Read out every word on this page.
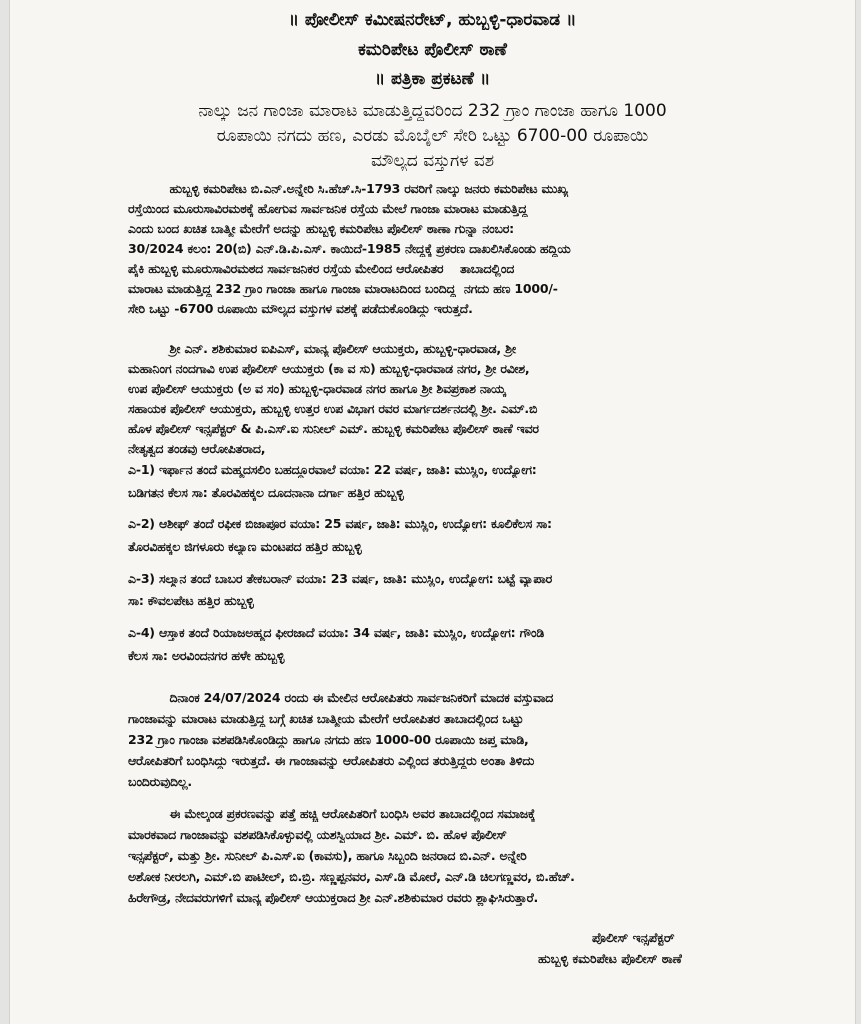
॥ ಪೋಲೀಸ್ ಕಮೀಷನರೇಟ್, ಹುಬ್ಬಳ್ಳಿ-ಧಾರವಾಡ ॥
ಕಮರಿಪೇಟ ಪೊಲೀಸ್ ಠಾಣೆ
॥ ಪತ್ರಿಕಾ ಪ್ರಕಟಣೆ ॥
ನಾಲ್ಕು ಜನ ಗಾಂಜಾ ಮಾರಾಟ ಮಾಡುತ್ತಿದ್ದವರಿಂದ 232 ಗ್ರಾಂ ಗಾಂಜಾ ಹಾಗೂ 1000
ರೂಪಾಯಿ ನಗದು ಹಣ, ಎರಡು ಮೊಬೈಲ್ ಸೇರಿ ಒಟ್ಟು 6700-00 ರೂಪಾಯಿ
ಮೌಲ್ಯದ ವಸ್ತುಗಳ ವಶ
ಹುಬ್ಬಳ್ಳಿ ಕಮರಿಪೇಟ ಬಿ.ಎನ್.ಅನ್ನೇರಿ ಸಿ.ಹೆಚ್.ಸಿ-1793 ರವರಿಗೆ ನಾಲ್ಕು ಜನರು ಕಮರಿಪೇಟ ಮುಖ್ಯ
ರಸ್ತೆಯಿಂದ ಮೂರುಸಾವಿರಮಠಕ್ಕೆ ಹೋಗುವ ಸಾರ್ವಜನಿಕ ರಸ್ತೆಯ ಮೇಲೆ ಗಾಂಜಾ ಮಾರಾಟ ಮಾಡುತ್ತಿದ್ದ
ಎಂದು ಬಂದ ಖಚಿತ ಬಾತ್ಮೀ ಮೇರೆಗೆ ಅದನ್ನು ಹುಬ್ಬಳ್ಳಿ ಕಮರಿಪೇಟ ಪೊಲೀಸ್ ಠಾಣಾ ಗುನ್ನಾ ನಂಬರ:
30/2024 ಕಲಂ: 20(ಬಿ) ಎನ್.ಡಿ.ಪಿ.ಎಸ್. ಕಾಯಿದೆ-1985 ನೇದ್ದಕ್ಕೆ ಪ್ರಕರಣ ದಾಖಲಿಸಿಕೊಂಡು ಹದ್ದಿಯ
ಪೈಕಿ ಹುಬ್ಬಳ್ಳಿ ಮೂರುಸಾವಿರಮಠದ ಸಾರ್ವಜನಿಕರ ರಸ್ತೆಯ ಮೇಲಿಂದ ಆರೋಪಿತರ    ತಾಬಾದಲ್ಲಿಂದ
ಮಾರಾಟ ಮಾಡುತ್ತಿದ್ದ 232 ಗ್ರಾಂ ಗಾಂಜಾ ಹಾಗೂ ಗಾಂಜಾ ಮಾರಾಟದಿಂದ ಬಂದಿದ್ದ  ನಗದು ಹಣ 1000/-
ಸೇರಿ ಒಟ್ಟು -6700 ರೂಪಾಯಿ ಮೌಲ್ಯದ ವಸ್ತುಗಳ ವಶಕ್ಕೆ ಪಡೆದುಕೊಂಡಿದ್ದು ಇರುತ್ತದೆ.
ಶ್ರೀ ಎನ್. ಶಶಿಕುಮಾರ ಐಪಿಎಸ್, ಮಾನ್ಯ ಪೊಲೀಸ್ ಆಯುಕ್ತರು, ಹುಬ್ಬಳ್ಳಿ-ಧಾರವಾಡ, ಶ್ರೀ
ಮಹಾನಿಂಗ ನಂದಗಾವಿ ಉಪ ಪೊಲೀಸ್ ಆಯುಕ್ತರು (ಕಾ ವ ಸು) ಹುಬ್ಬಳ್ಳಿ-ಧಾರವಾಡ ನಗರ, ಶ್ರೀ ರವೀಶ,
ಉಪ ಪೊಲೀಸ್ ಆಯುಕ್ತರು (ಅ ವ ಸಂ) ಹುಬ್ಬಳ್ಳಿ-ಧಾರವಾಡ ನಗರ ಹಾಗೂ ಶ್ರೀ ಶಿವಪ್ರಕಾಶ ನಾಯ್ಕ
ಸಹಾಯಕ ಪೊಲೀಸ್ ಆಯುಕ್ತರು, ಹುಬ್ಬಳ್ಳಿ ಉತ್ತರ ಉಪ ವಿಭಾಗ ರವರ ಮಾರ್ಗದರ್ಶನದಲ್ಲಿ ಶ್ರೀ. ಎಮ್.ಬಿ
ಹೊಳ ಪೊಲೀಸ್ ಇನ್ಸಪೆಕ್ಟರ್ & ಪಿ.ಎಸ್.ಐ ಸುನೀಲ್ ಎಮ್. ಹುಬ್ಬಳ್ಳಿ ಕಮರಿಪೇಟ ಪೊಲೀಸ್ ಠಾಣೆ ಇವರ
ನೇತೃತ್ವದ ತಂಡವು ಆರೋಪಿತರಾದ,
ಎ-1) ಇರ್ಫಾನ ತಂದೆ ಮಹ್ಮದಸಲಿಂ ಬಹದ್ದೂರವಾಲೆ ವಯಾ: 22 ವರ್ಷ, ಜಾತಿ: ಮುಸ್ಲಿಂ, ಉದ್ಯೋಗ:
ಬಡಿಗತನ ಕೆಲಸ ಸಾ: ತೊರವಿಹಕ್ಕಲ ದೂದನಾನಾ ದರ್ಗಾ ಹತ್ತಿರ ಹುಬ್ಬಳ್ಳಿ
ಎ-2) ಆಶೀಫ್ ತಂದೆ ರಫೀಕ ಬಿಜಾಪೂರ ವಯಾ: 25 ವರ್ಷ, ಜಾತಿ: ಮುಸ್ಲಿಂ, ಉದ್ಯೋಗ: ಕೂಲಿಕೆಲಸ ಸಾ:
ತೊರವಿಹಕ್ಕಲ ಜಿಗಳೂರು ಕಲ್ಯಾಣ ಮಂಟಪದ ಹತ್ತಿರ ಹುಬ್ಬಳ್ಳಿ
ಎ-3) ಸಲ್ಮಾನ ತಂದೆ ಬಾಬರ ತೇಕಬರಾನ್ ವಯಾ: 23 ವರ್ಷ, ಜಾತಿ: ಮುಸ್ಲಿಂ, ಉದ್ಯೋಗ: ಬಟ್ಟೆ ವ್ಯಾಪಾರ
ಸಾ: ಕೌವಲಪೇಟ ಹತ್ತಿರ ಹುಬ್ಬಳ್ಳಿ
ಎ-4) ಆಸ್ತಾಕ ತಂದೆ ರಿಯಾಜಅಹ್ಮದ ಫೀರಜಾದೆ ವಯಾ: 34 ವರ್ಷ, ಜಾತಿ: ಮುಸ್ಲಿಂ, ಉದ್ಯೋಗ: ಗೌಂಡಿ
ಕೆಲಸ ಸಾ: ಅರವಿಂದನಗರ ಹಳೇ ಹುಬ್ಬಳ್ಳಿ
ದಿನಾಂಕ 24/07/2024 ರಂದು ಈ ಮೇಲಿನ ಆರೋಪಿತರು ಸಾರ್ವಜನಿಕರಿಗೆ ಮಾದಕ ವಸ್ತುವಾದ
ಗಾಂಜಾವನ್ನು ಮಾರಾಟ ಮಾಡುತ್ತಿದ್ದ ಬಗ್ಗೆ ಖಚಿತ ಬಾತ್ಮೀಯ ಮೇರೆಗೆ ಆರೋಪಿತರ ತಾಬಾದಲ್ಲಿಂದ ಒಟ್ಟು
232 ಗ್ರಾಂ ಗಾಂಜಾ ವಶಪಡಿಸಿಕೊಂಡಿದ್ದು ಹಾಗೂ ನಗದು ಹಣ 1000-00 ರೂಪಾಯಿ ಜಪ್ತ ಮಾಡಿ,
ಆರೋಪಿತರಿಗೆ ಬಂಧಿಸಿದ್ದು ಇರುತ್ತದೆ. ಈ ಗಾಂಜಾವನ್ನು ಆರೋಪಿತರು ಎಲ್ಲಿಂದ ತರುತ್ತಿದ್ದರು ಅಂತಾ ತಿಳಿದು
ಬಂದಿರುವುದಿಲ್ಲ.
ಈ ಮೇಲ್ಕಂಡ ಪ್ರಕರಣವನ್ನು ಪತ್ತೆ ಹಚ್ಚಿ ಆರೋಪಿತರಿಗೆ ಬಂಧಿಸಿ ಅವರ ತಾಬಾದಲ್ಲಿಂದ ಸಮಾಜಕ್ಕೆ
ಮಾರಕವಾದ ಗಾಂಜಾವನ್ನು ವಶಪಡಿಸಿಕೊಳ್ಳುವಲ್ಲಿ ಯಶಸ್ವಿಯಾದ ಶ್ರೀ. ಎಮ್. ಬಿ. ಹೊಳ ಪೊಲೀಸ್
ಇನ್ಸಪೆಕ್ಟರ್, ಮತ್ತು ಶ್ರೀ. ಸುನೀಲ್ ಪಿ.ಎಸ್.ಐ (ಕಾವಸು), ಹಾಗೂ ಸಿಬ್ಬಂದಿ ಜನರಾದ ಬಿ.ಎನ್. ಅನ್ನೇರಿ
ಅಶೋಕ ನೀರಲಗಿ, ಎಮ್.ಬಿ ಪಾಟೀಲ್, ಬಿ.ಬ್ರಿ. ಸಣ್ಣಪ್ಪನವರ, ಎಸ್.ಡಿ ಮೋರೆ, ಎನ್.ಡಿ ಚಿಲಗಣ್ಣವರ, ಬಿ.ಹೆಚ್.
ಹಿರೇಗೌಡ್ರ, ನೇದವರುಗಳಿಗೆ ಮಾನ್ಯ ಪೊಲೀಸ್ ಆಯುಕ್ತರಾದ ಶ್ರೀ ಎನ್.ಶಶಿಕುಮಾರ ರವರು ಶ್ಲಾಘಿಸಿರುತ್ತಾರೆ.
ಪೊಲೀಸ್ ಇನ್ಸಪೆಕ್ಟರ್
ಹುಬ್ಬಳ್ಳಿ ಕಮರಿಪೇಟ ಪೊಲೀಸ್ ಠಾಣೆ
